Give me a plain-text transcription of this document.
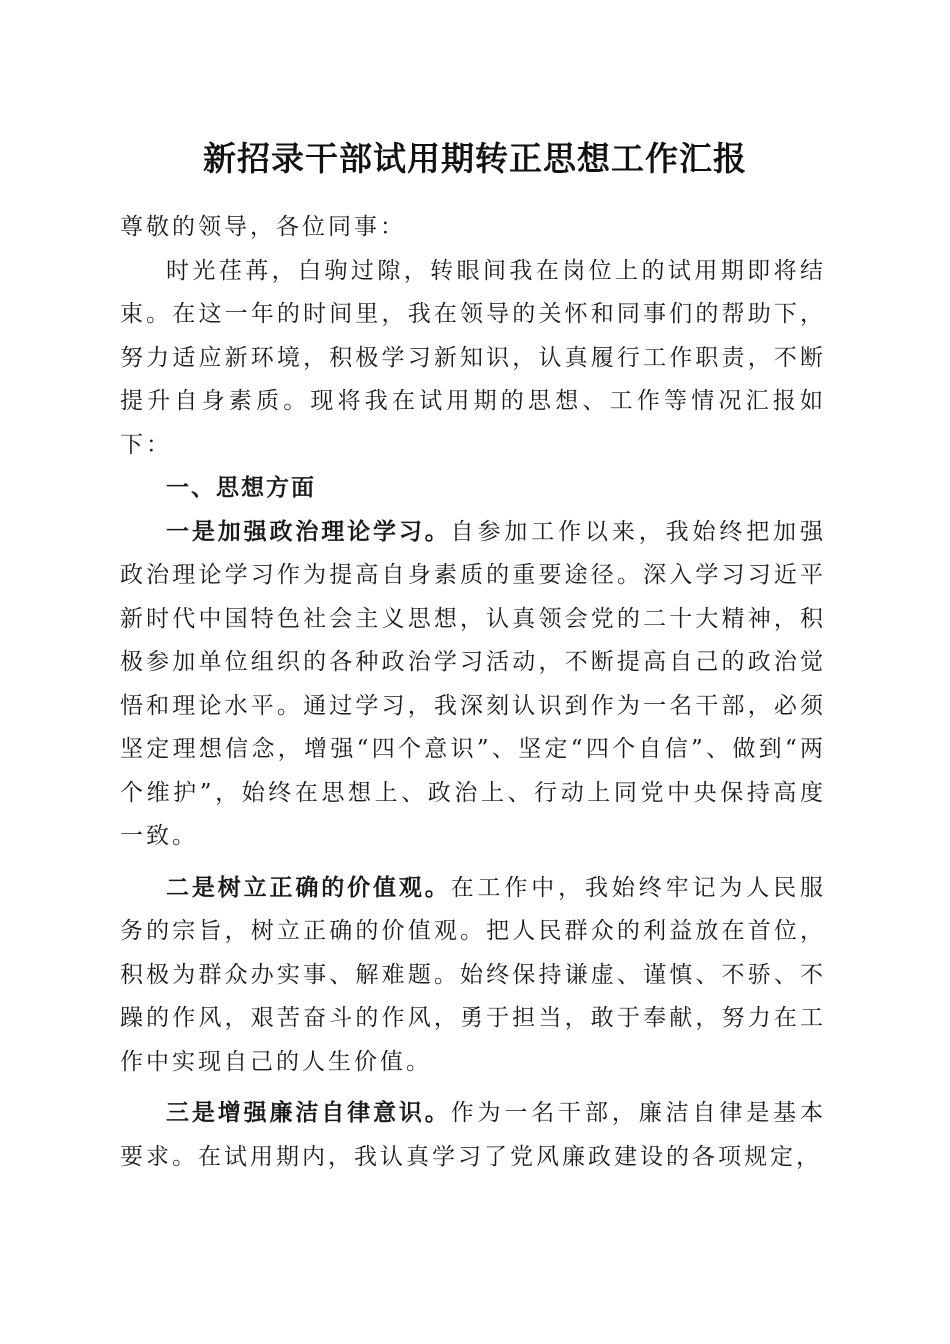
新招录干部试用期转正思想工作汇报

尊敬的领导，各位同事：

时光荏苒，白驹过隙，转眼间我在岗位上的试用期即将结束。在这一年的时间里，我在领导的关怀和同事们的帮助下，努力适应新环境，积极学习新知识，认真履行工作职责，不断提升自身素质。现将我在试用期的思想、工作等情况汇报如下：

一、思想方面

一是加强政治理论学习。自参加工作以来，我始终把加强政治理论学习作为提高自身素质的重要途径。深入学习习近平新时代中国特色社会主义思想，认真领会党的二十大精神，积极参加单位组织的各种政治学习活动，不断提高自己的政治觉悟和理论水平。通过学习，我深刻认识到作为一名干部，必须坚定理想信念，增强“四个意识”、坚定“四个自信”、做到“两个维护”，始终在思想上、政治上、行动上同党中央保持高度一致。

二是树立正确的价值观。在工作中，我始终牢记为人民服务的宗旨，树立正确的价值观。把人民群众的利益放在首位，积极为群众办实事、解难题。始终保持谦虚、谨慎、不骄、不躁的作风，艰苦奋斗的作风，勇于担当，敢于奉献，努力在工作中实现自己的人生价值。

三是增强廉洁自律意识。作为一名干部，廉洁自律是基本要求。在试用期内，我认真学习了党风廉政建设的各项规定，
